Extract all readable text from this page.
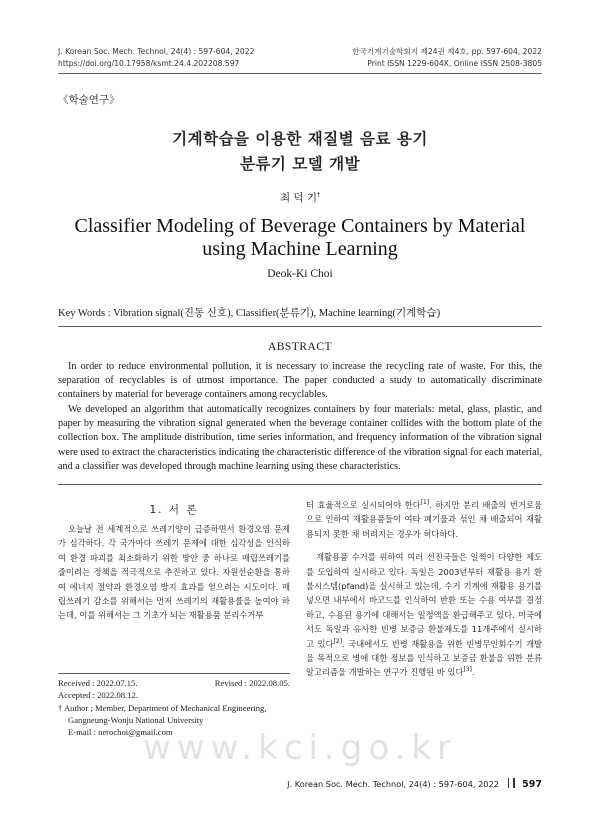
J. Korean Soc. Mech. Technol, 24(4) : 597-604, 2022
https://doi.org/10.17958/ksmt.24.4.202208.597
한국기계기술학회지 제24권 제4호, pp. 597-604, 2022
Print ISSN 1229-604X, Online ISSN 2508-3805
《학술연구》
기계학습을 이용한 재질별 음료 용기
분류기 모델 개발
최 덕 기†
Classifier Modeling of Beverage Containers by Material
using Machine Learning
Deok-Ki Choi
Key Words : Vibration signal(진동 신호), Classifier(분류기), Machine learning(기계학습)
ABSTRACT

In order to reduce environmental pollution, it is necessary to increase the recycling rate of waste. For this, the separation of recyclables is of utmost importance. The paper conducted a study to automatically discriminate containers by material for beverage containers among recyclables.

We developed an algorithm that automatically recognizes containers by four materials: metal, glass, plastic, and paper by measuring the vibration signal generated when the beverage container collides with the bottom plate of the collection box. The amplitude distribution, time series information, and frequency information of the vibration signal were used to extract the characteristics indicating the characteristic difference of the vibration signal for each material, and a classifier was developed through machine learning using these characteristics.

1. 서 론

오늘날 전 세계적으로 쓰레기양이 급증하면서 환경오염 문제가 심각하다. 각 국가마다 쓰레기 문제에 대한 심각성을 인식하여 환경 파괴를 최소화하기 위한 방안 중 하나로 매립쓰레기를 줄이려는 정책을 적극적으로 추진하고 있다. 자원선순환을 통하여 에너지 절약과 환경오염 방지 효과를 얻으려는 시도이다. 매립쓰레기 감소를 위해서는 먼저 쓰레기의 재활용률을 높여야 하는데, 이를 위해서는 그 기초가 되는 재활용품 분리수거부

Received : 2022.07.15.	Revised : 2022.08.05.
Accepted : 2022.08.12.
† Author ; Member, Department of Mechanical Engineering,
Gangneung-Wonju National University
E-mail : nerochoi@gmail.com

터 효율적으로 실시되어야 한다[1]. 하지만 분리 배출의 번거로움으로 인하여 재활용품들이 여타 폐기물과 섞인 채 배출되어 재활용되지 못한 채 버려지는 경우가 허다하다.

재활용품 수거를 위하여 여러 선진국들은 일찍이 다양한 제도를 도입하여 실시하고 있다. 독일은 2003년부터 재활용 용기 환불시스템(pfand)을 실시하고 있는데, 수거 기계에 재활용 용기를 넣으면 내부에서 바코드를 인식하여 반환 또는 수용 여부를 결정하고, 수용된 용기에 대해서는 일정액을 환급해주고 있다. 미국에서도 독일과 유사한 빈병 보증금 환불제도를 11개주에서 실시하고 있다[2]. 국내에서도 빈병 재활용을 위한 빈병무인회수기 개발을 목적으로 병에 대한 정보를 인식하고 보증금 환불을 위한 분류 알고리즘을 개발하는 연구가 진행된 바 있다[3].

www.kci.go.kr
J. Korean Soc. Mech. Technol, 24(4) : 597-604, 2022 597
